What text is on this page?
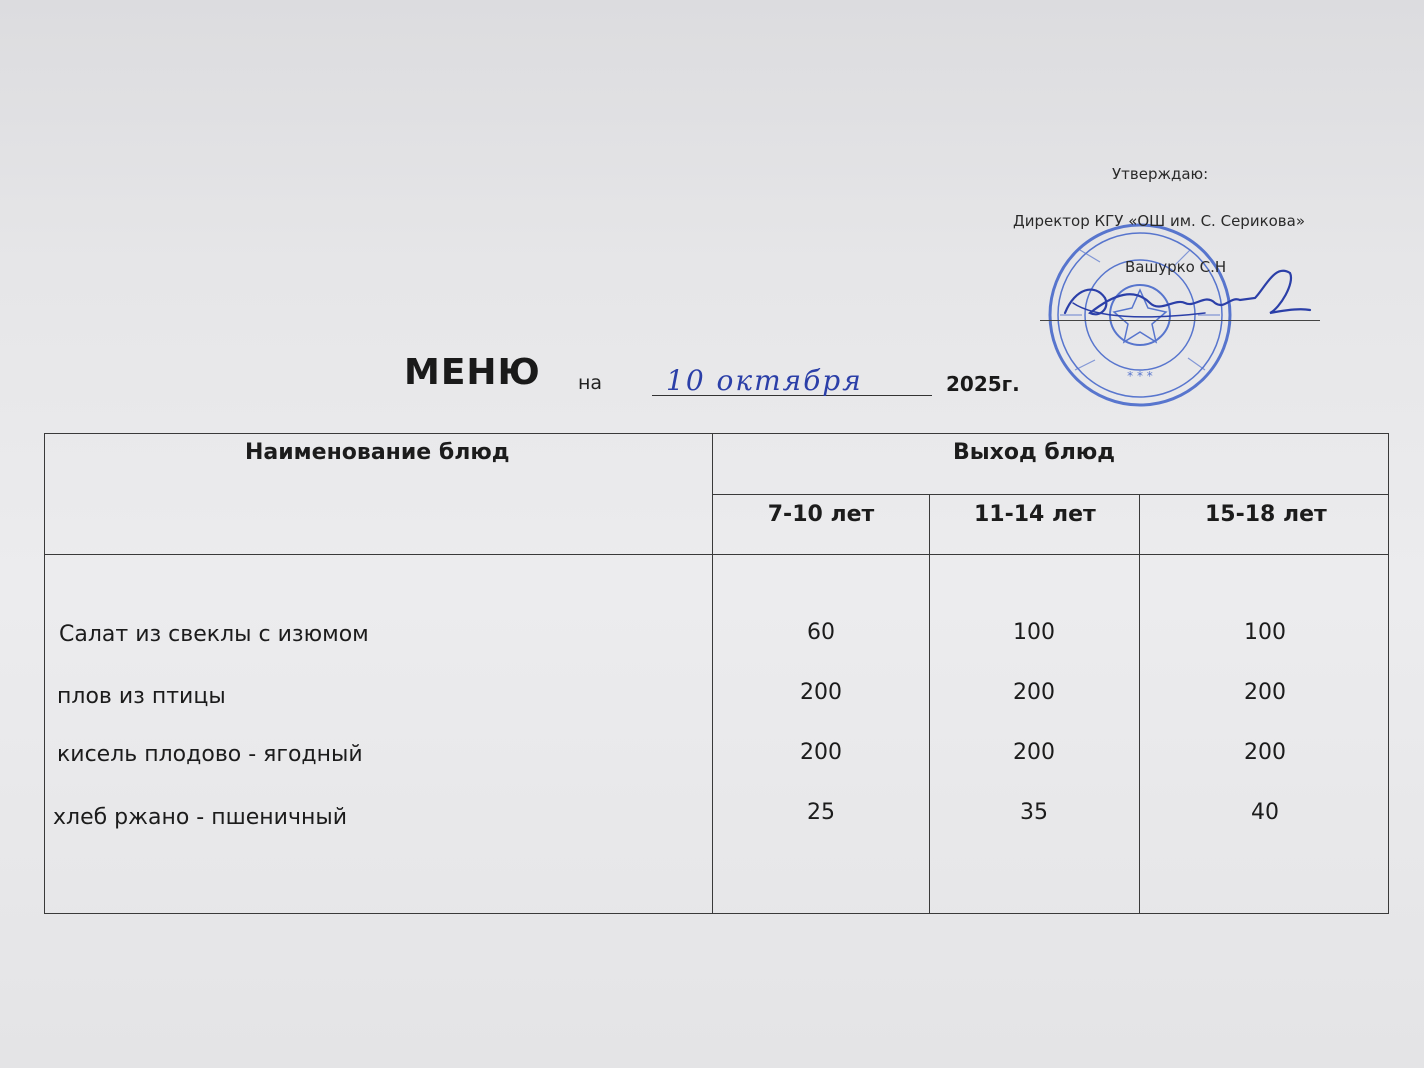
* * *
Утверждаю:
Директор КГУ «ОШ им. С. Серикова»
Вашурко С.Н
МЕНЮ на 10 октября	2025г.
Наименование блюд	Выход блюд
7-10 лет	11-14 лет	15-18 лет
Салат из свеклы с изюмом	60	100	100
плов из птицы	200	200	200
кисель плодово - ягодный	200	200	200
хлеб ржано - пшеничный	25	35	40
